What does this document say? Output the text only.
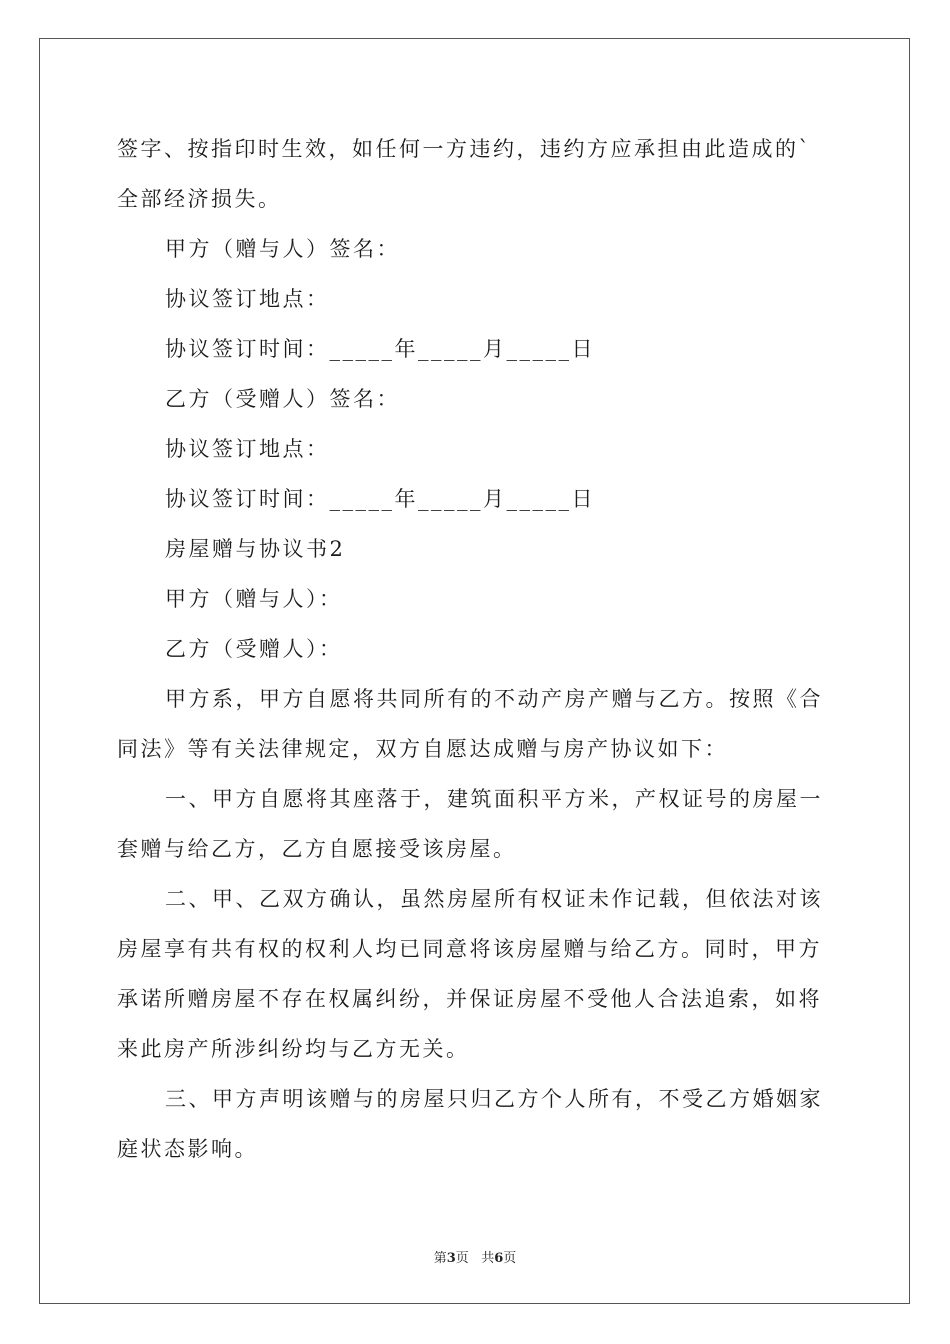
签字、按指印时生效，如任何一方违约，违约方应承担由此造成的`
全部经济损失。
甲方（赠与人）签名：
协议签订地点：
协议签订时间：_____年_____月_____日
乙方（受赠人）签名：
协议签订地点：
协议签订时间：_____年_____月_____日
房屋赠与协议书2
甲方（赠与人）：
乙方（受赠人）：
甲方系，甲方自愿将共同所有的不动产房产赠与乙方。按照《合
同法》等有关法律规定，双方自愿达成赠与房产协议如下：
一、甲方自愿将其座落于，建筑面积平方米，产权证号的房屋一
套赠与给乙方，乙方自愿接受该房屋。
二、甲、乙双方确认，虽然房屋所有权证未作记载，但依法对该
房屋享有共有权的权利人均已同意将该房屋赠与给乙方。同时，甲方
承诺所赠房屋不存在权属纠纷，并保证房屋不受他人合法追索，如将
来此房产所涉纠纷均与乙方无关。
三、甲方声明该赠与的房屋只归乙方个人所有，不受乙方婚姻家
庭状态影响。
第3页 共6页
